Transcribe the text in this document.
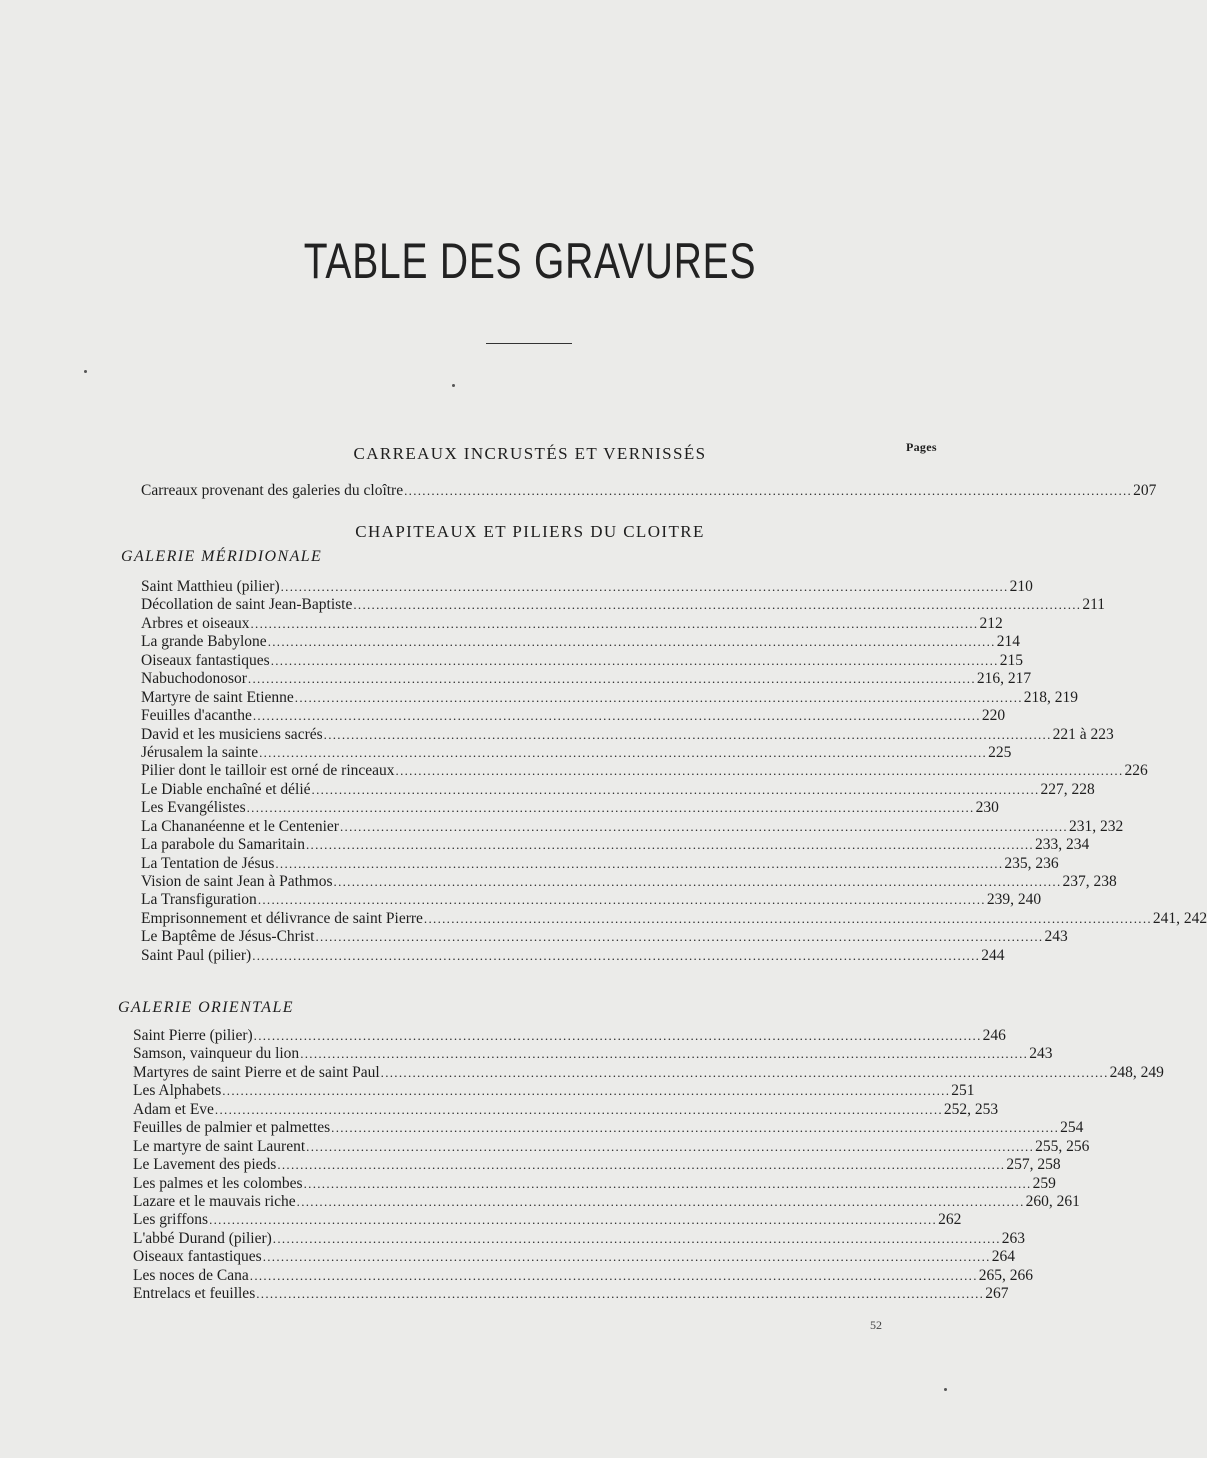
TABLE DES GRAVURES
Pages
CARREAUX INCRUSTÉS ET VERNISSÉS
Carreaux provenant des galeries du cloître ................................................................................................................................................................ 207
CHAPITEAUX ET PILIERS DU CLOITRE
GALERIE MÉRIDIONALE
Saint Matthieu (pilier) ................................................................................................................................................................ 210
Décollation de saint Jean-Baptiste ................................................................................................................................................................ 211
Arbres et oiseaux ................................................................................................................................................................ 212
La grande Babylone ................................................................................................................................................................ 214
Oiseaux fantastiques ................................................................................................................................................................ 215
Nabuchodonosor ................................................................................................................................................................ 216, 217
Martyre de saint Etienne ................................................................................................................................................................ 218, 219
Feuilles d'acanthe ................................................................................................................................................................ 220
David et les musiciens sacrés ................................................................................................................................................................ 221 à 223
Jérusalem la sainte ................................................................................................................................................................ 225
Pilier dont le tailloir est orné de rinceaux ................................................................................................................................................................ 226
Le Diable enchaîné et délié ................................................................................................................................................................ 227, 228
Les Evangélistes ................................................................................................................................................................ 230
La Chananéenne et le Centenier ................................................................................................................................................................ 231, 232
La parabole du Samaritain ................................................................................................................................................................ 233, 234
La Tentation de Jésus ................................................................................................................................................................ 235, 236
Vision de saint Jean à Pathmos ................................................................................................................................................................ 237, 238
La Transfiguration ................................................................................................................................................................ 239, 240
Emprisonnement et délivrance de saint Pierre ................................................................................................................................................................ 241, 242
Le Baptême de Jésus-Christ ................................................................................................................................................................ 243
Saint Paul (pilier) ................................................................................................................................................................ 244
GALERIE ORIENTALE
Saint Pierre (pilier) ................................................................................................................................................................ 246
Samson, vainqueur du lion ................................................................................................................................................................ 243
Martyres de saint Pierre et de saint Paul ................................................................................................................................................................ 248, 249
Les Alphabets ................................................................................................................................................................ 251
Adam et Eve ................................................................................................................................................................ 252, 253
Feuilles de palmier et palmettes ................................................................................................................................................................ 254
Le martyre de saint Laurent ................................................................................................................................................................ 255, 256
Le Lavement des pieds ................................................................................................................................................................ 257, 258
Les palmes et les colombes ................................................................................................................................................................ 259
Lazare et le mauvais riche ................................................................................................................................................................ 260, 261
Les griffons ................................................................................................................................................................ 262
L'abbé Durand (pilier) ................................................................................................................................................................ 263
Oiseaux fantastiques ................................................................................................................................................................ 264
Les noces de Cana ................................................................................................................................................................ 265, 266
Entrelacs et feuilles ................................................................................................................................................................ 267
52
